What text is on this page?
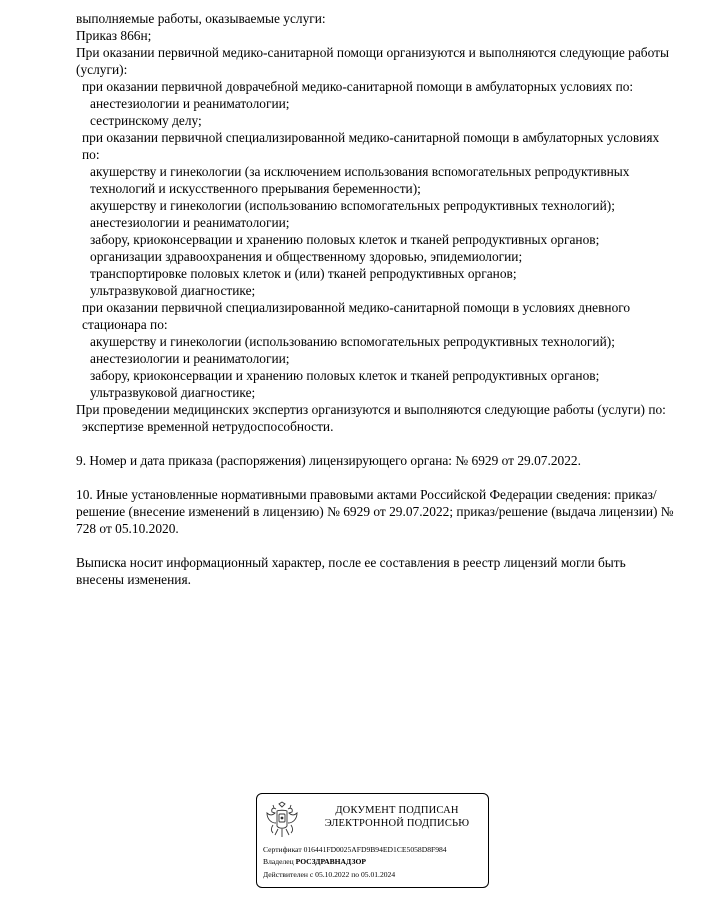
выполняемые работы, оказываемые услуги:

Приказ 866н;

При оказании первичной медико-санитарной помощи организуются и выполняются следующие работы (услуги):

при оказании первичной доврачебной медико-санитарной помощи в амбулаторных условиях по:

анестезиологии и реаниматологии;

сестринскому делу;

при оказании первичной специализированной медико-санитарной помощи в амбулаторных условиях по:

акушерству и гинекологии (за исключением использования вспомогательных репродуктивных технологий и искусственного прерывания беременности);

акушерству и гинекологии (использованию вспомогательных репродуктивных технологий);

анестезиологии и реаниматологии;

забору, криоконсервации и хранению половых клеток и тканей репродуктивных органов;

организации здравоохранения и общественному здоровью, эпидемиологии;

транспортировке половых клеток и (или) тканей репродуктивных органов;

ультразвуковой диагностике;

при оказании первичной специализированной медико-санитарной помощи в условиях дневного стационара по:

акушерству и гинекологии (использованию вспомогательных репродуктивных технологий);

анестезиологии и реаниматологии;

забору, криоконсервации и хранению половых клеток и тканей репродуктивных органов;

ультразвуковой диагностике;

При проведении медицинских экспертиз организуются и выполняются следующие работы (услуги) по:

экспертизе временной нетрудоспособности.

9. Номер и дата приказа (распоряжения) лицензирующего органа: № 6929 от 29.07.2022.

10. Иные установленные нормативными правовыми актами Российской Федерации сведения: приказ/решение (внесение изменений в лицензию) № 6929 от 29.07.2022; приказ/решение (выдача лицензии) № 728 от 05.10.2020.

Выписка носит информационный характер, после ее составления в реестр лицензий могли быть внесены изменения.

ДОКУМЕНТ ПОДПИСАН
ЭЛЕКТРОННОЙ ПОДПИСЬЮ
Сертификат 016441FD0025AFD9B94ED1CE5058D8F984
Владелец РОСЗДРАВНАДЗОР
Действителен с 05.10.2022 по 05.01.2024
